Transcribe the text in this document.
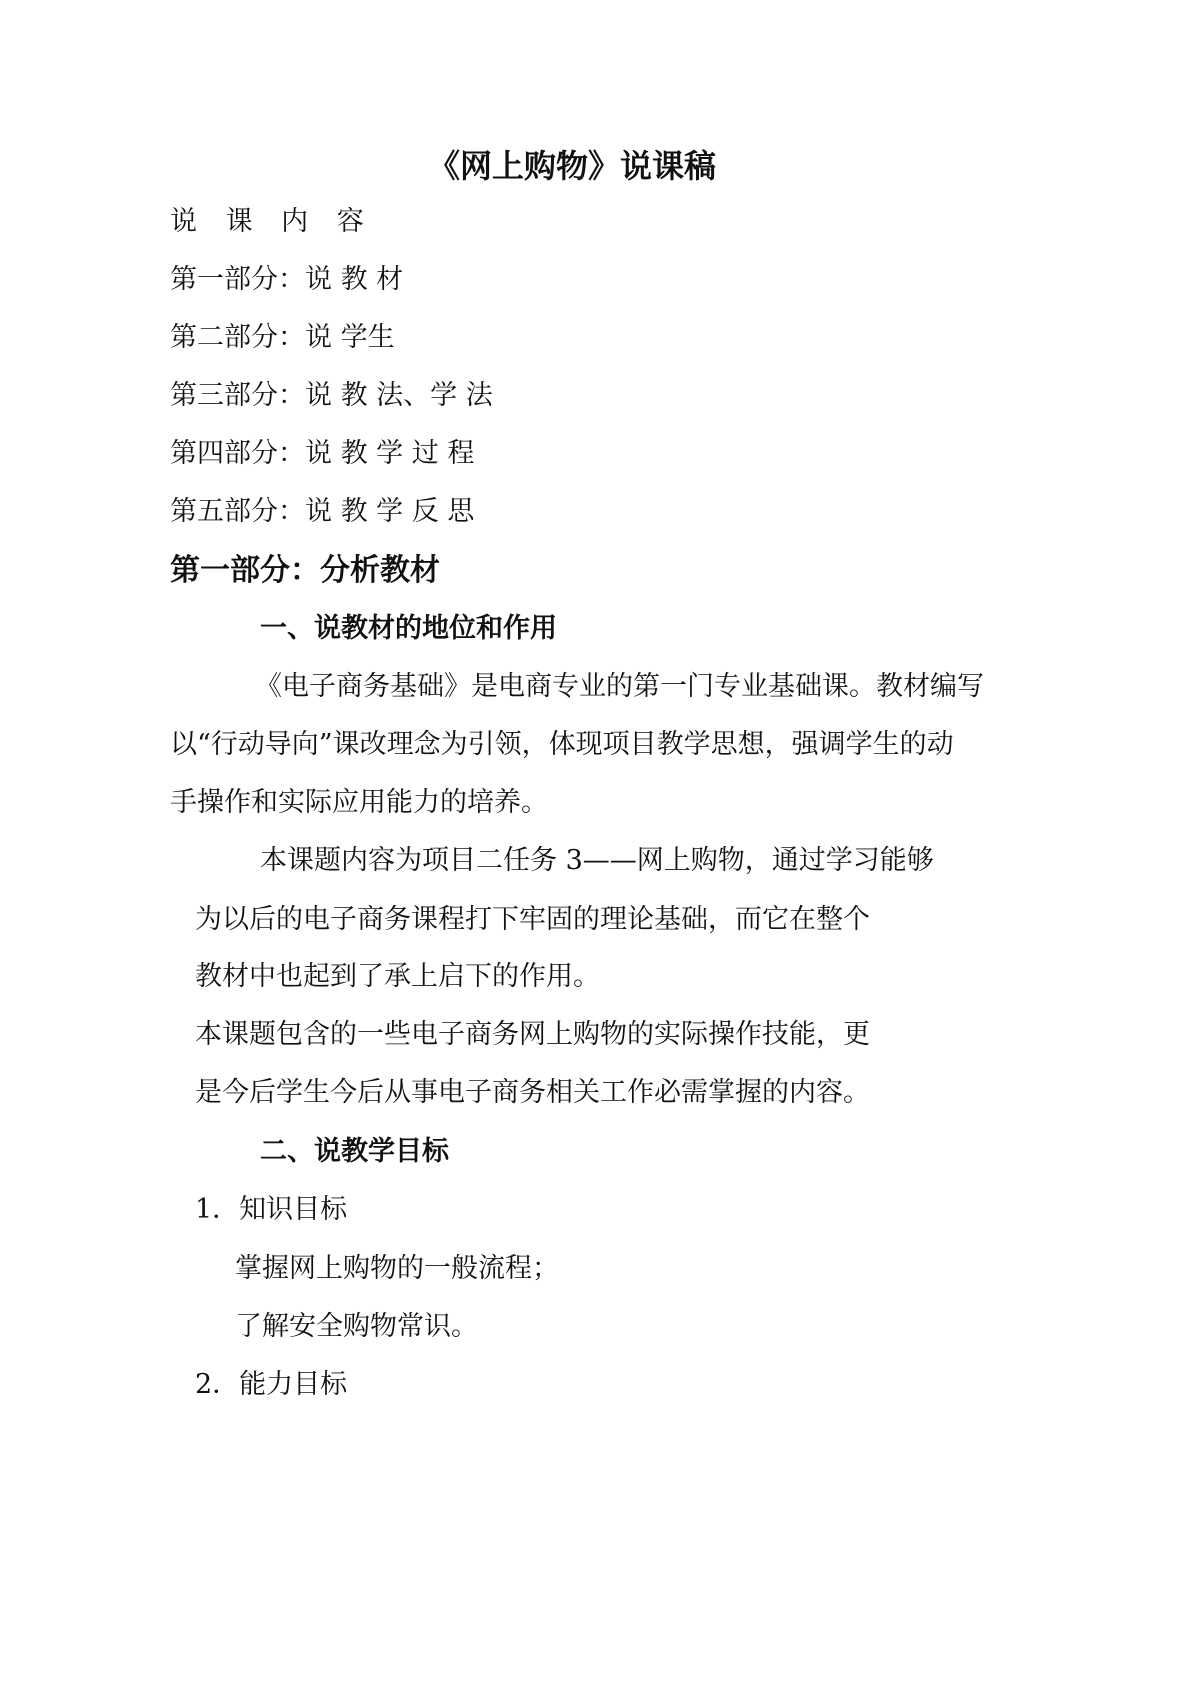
《网上购物》说课稿
说 课 内 容
第一部分：说 教 材
第二部分：说 学生
第三部分：说 教 法、学 法
第四部分：说 教 学 过 程
第五部分：说 教 学 反 思
第一部分：分析教材
一、说教材的地位和作用
《电子商务基础》是电商专业的第一门专业基础课。教材编写
以“行动导向”课改理念为引领，体现项目教学思想，强调学生的动
手操作和实际应用能力的培养。
本课题内容为项目二任务 3——网上购物，通过学习能够
为以后的电子商务课程打下牢固的理论基础，而它在整个
教材中也起到了承上启下的作用。
本课题包含的一些电子商务网上购物的实际操作技能，更
是今后学生今后从事电子商务相关工作必需掌握的内容。
二、说教学目标
1．知识目标
掌握网上购物的一般流程；
了解安全购物常识。
2．能力目标
